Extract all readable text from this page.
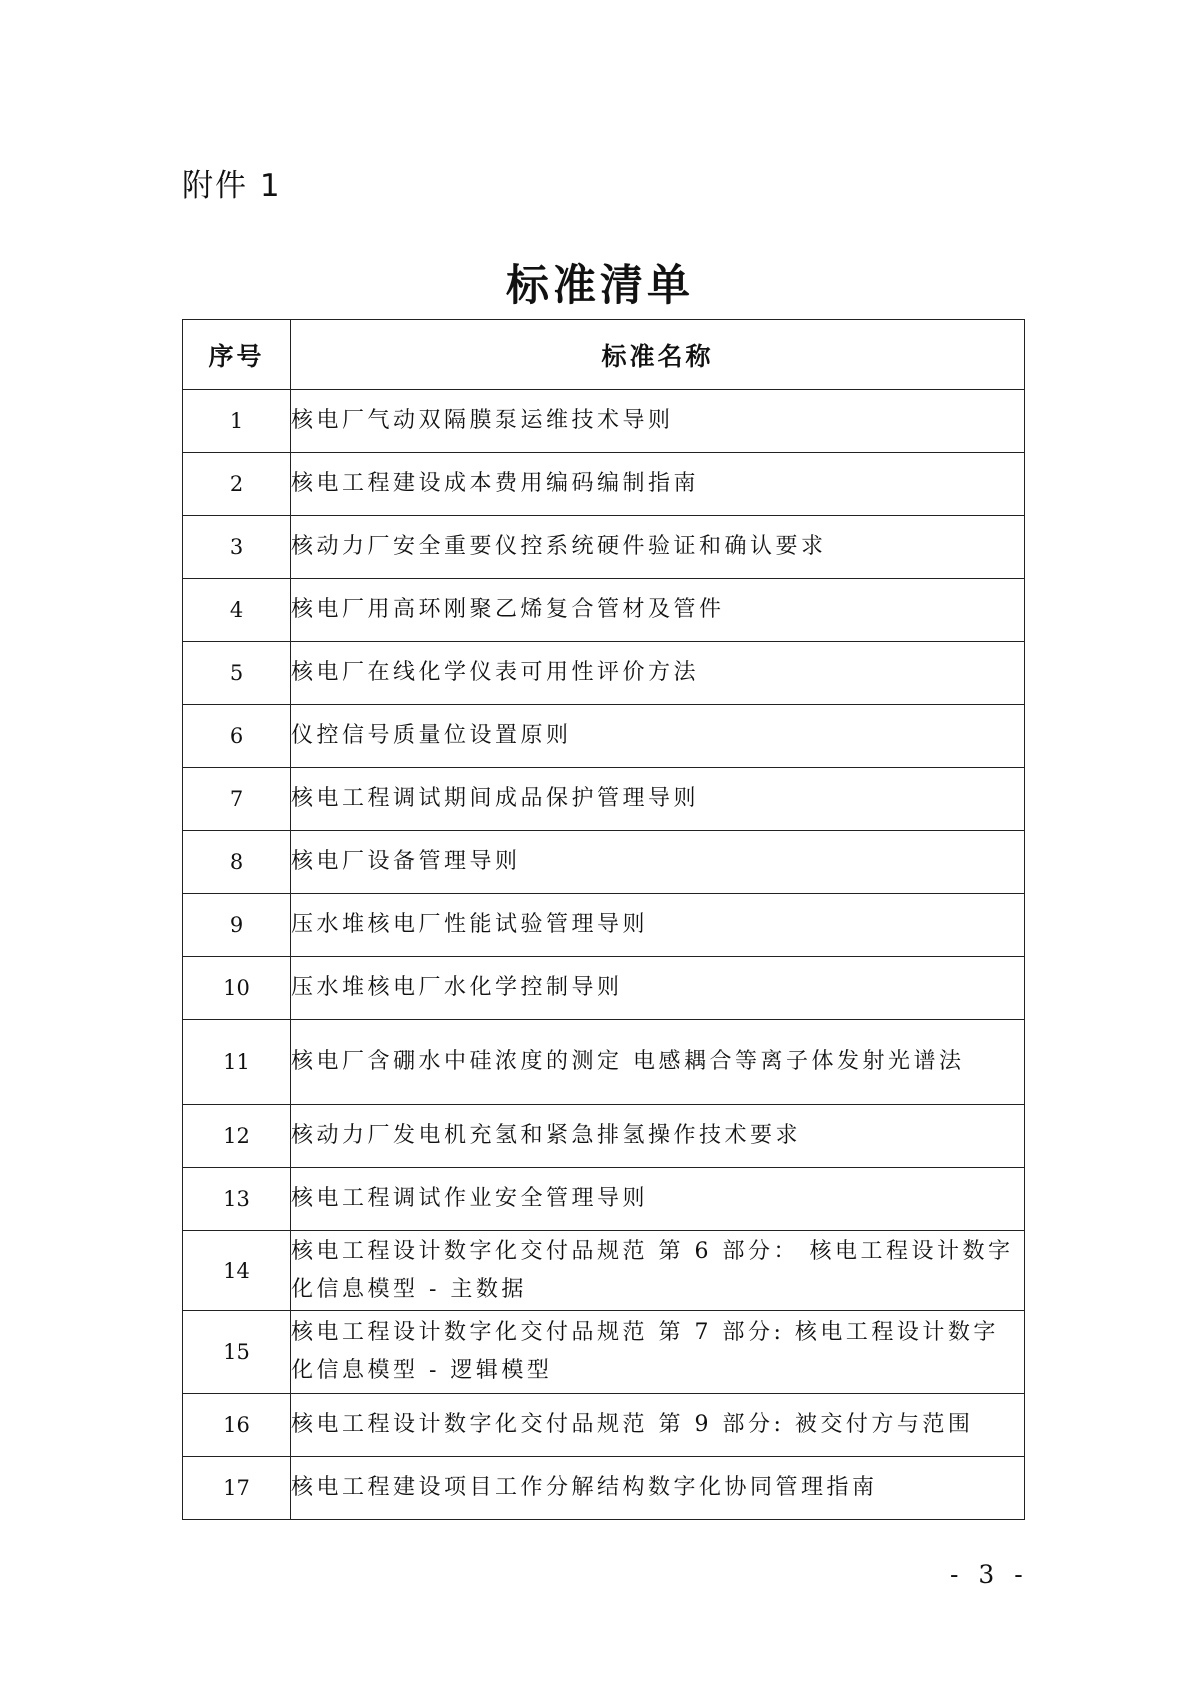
附件 1
标准清单
序号	标准名称
1	核电厂气动双隔膜泵运维技术导则
2	核电工程建设成本费用编码编制指南
3	核动力厂安全重要仪控系统硬件验证和确认要求
4	核电厂用高环刚聚乙烯复合管材及管件
5	核电厂在线化学仪表可用性评价方法
6	仪控信号质量位设置原则
7	核电工程调试期间成品保护管理导则
8	核电厂设备管理导则
9	压水堆核电厂性能试验管理导则
10	压水堆核电厂水化学控制导则
11	核电厂含硼水中硅浓度的测定 电感耦合等离子体发射光谱法
12	核动力厂发电机充氢和紧急排氢操作技术要求
13	核电工程调试作业安全管理导则
14	核电工程设计数字化交付品规范 第 6 部分： 核电工程设计数字化信息模型 - 主数据
15	核电工程设计数字化交付品规范 第 7 部分: 核电工程设计数字化信息模型 - 逻辑模型
16	核电工程设计数字化交付品规范 第 9 部分: 被交付方与范围
17	核电工程建设项目工作分解结构数字化协同管理指南
- 3 -
